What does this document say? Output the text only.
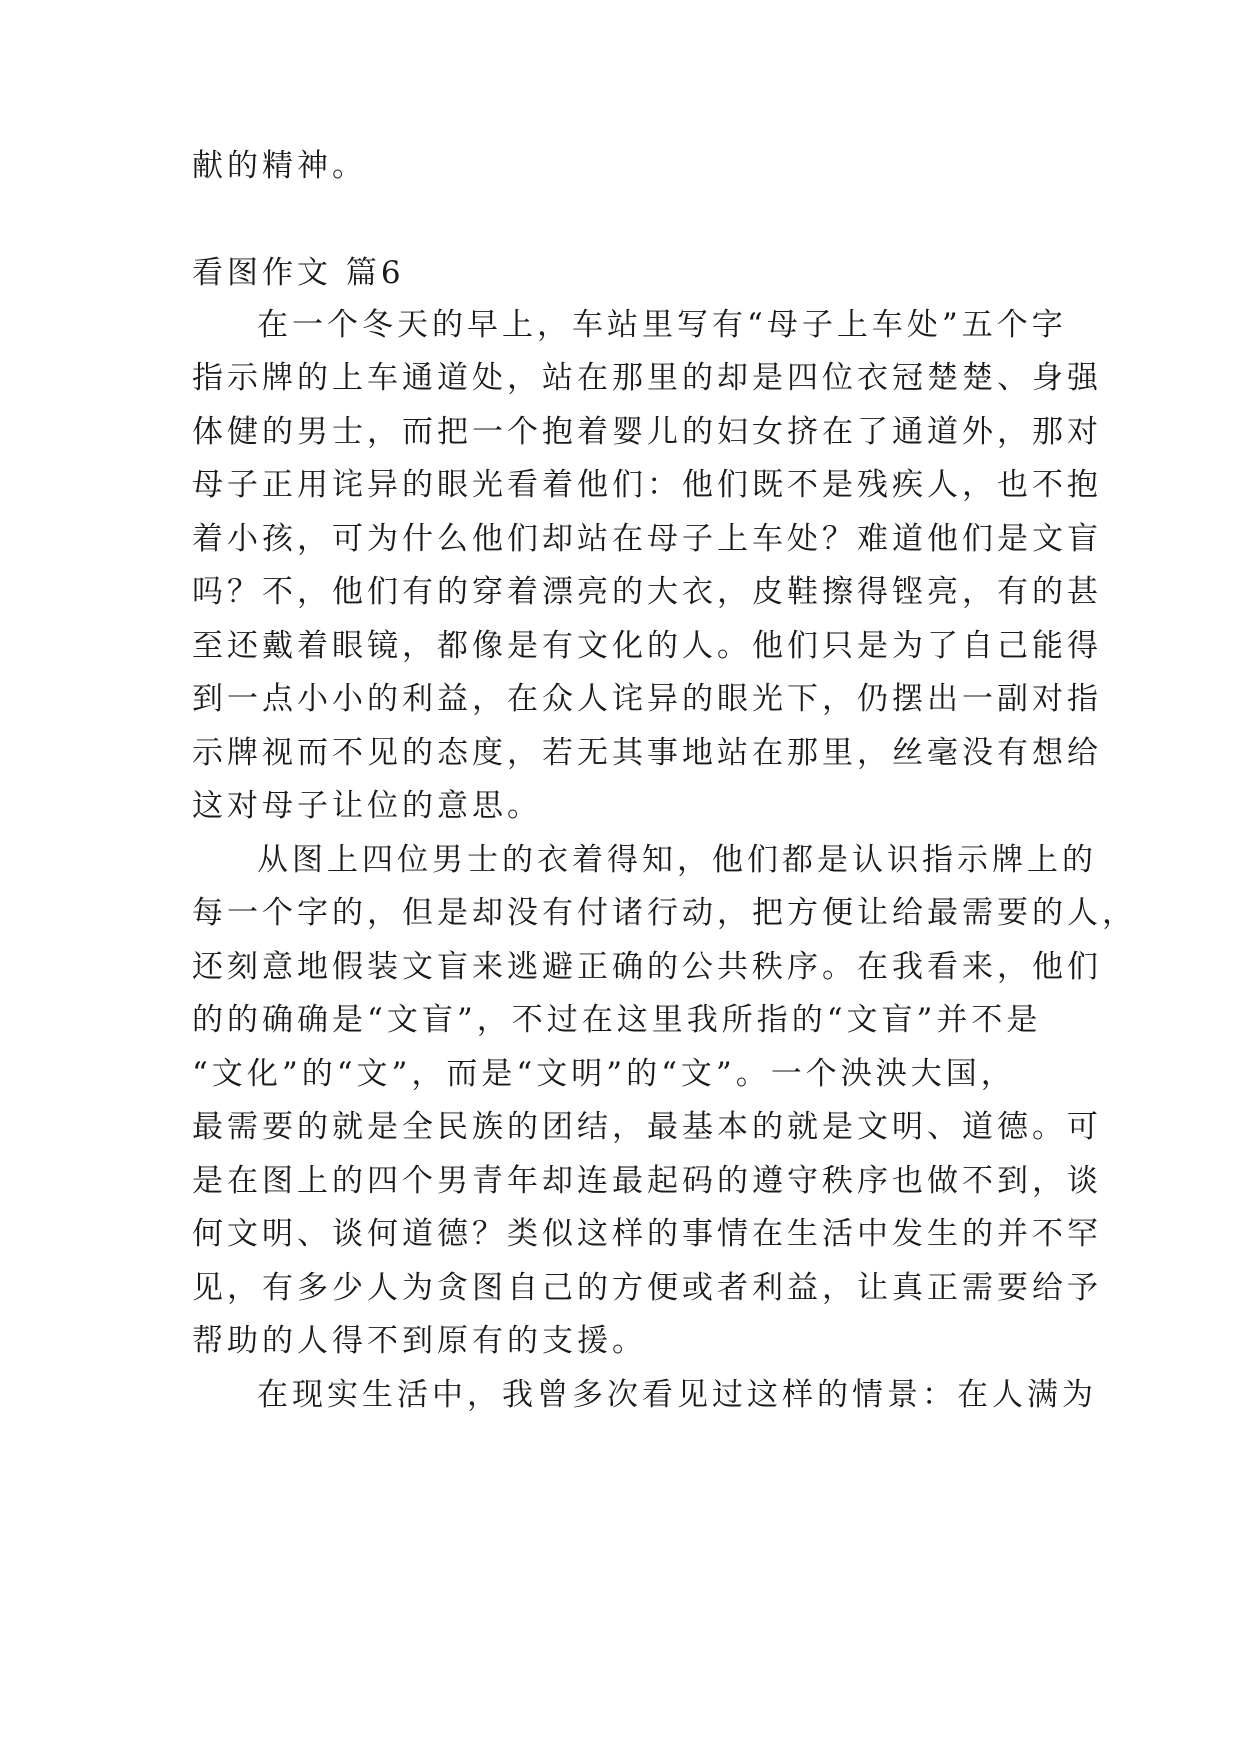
献的精神。
看图作文 篇6
在一个冬天的早上，车站里写有“母子上车处”五个字
指示牌的上车通道处，站在那里的却是四位衣冠楚楚、身强
体健的男士，而把一个抱着婴儿的妇女挤在了通道外，那对
母子正用诧异的眼光看着他们：他们既不是残疾人，也不抱
着小孩，可为什么他们却站在母子上车处？难道他们是文盲
吗？不，他们有的穿着漂亮的大衣，皮鞋擦得铿亮，有的甚
至还戴着眼镜，都像是有文化的人。他们只是为了自己能得
到一点小小的利益，在众人诧异的眼光下，仍摆出一副对指
示牌视而不见的态度，若无其事地站在那里，丝毫没有想给
这对母子让位的意思。
从图上四位男士的衣着得知，他们都是认识指示牌上的
每一个字的，但是却没有付诸行动，把方便让给最需要的人，
还刻意地假装文盲来逃避正确的公共秩序。在我看来，他们
的的确确是“文盲”，不过在这里我所指的“文盲”并不是
“文化”的“文”，而是“文明”的“文”。一个泱泱大国，
最需要的就是全民族的团结，最基本的就是文明、道德。可
是在图上的四个男青年却连最起码的遵守秩序也做不到，谈
何文明、谈何道德？类似这样的事情在生活中发生的并不罕
见，有多少人为贪图自己的方便或者利益，让真正需要给予
帮助的人得不到原有的支援。
在现实生活中，我曾多次看见过这样的情景：在人满为
